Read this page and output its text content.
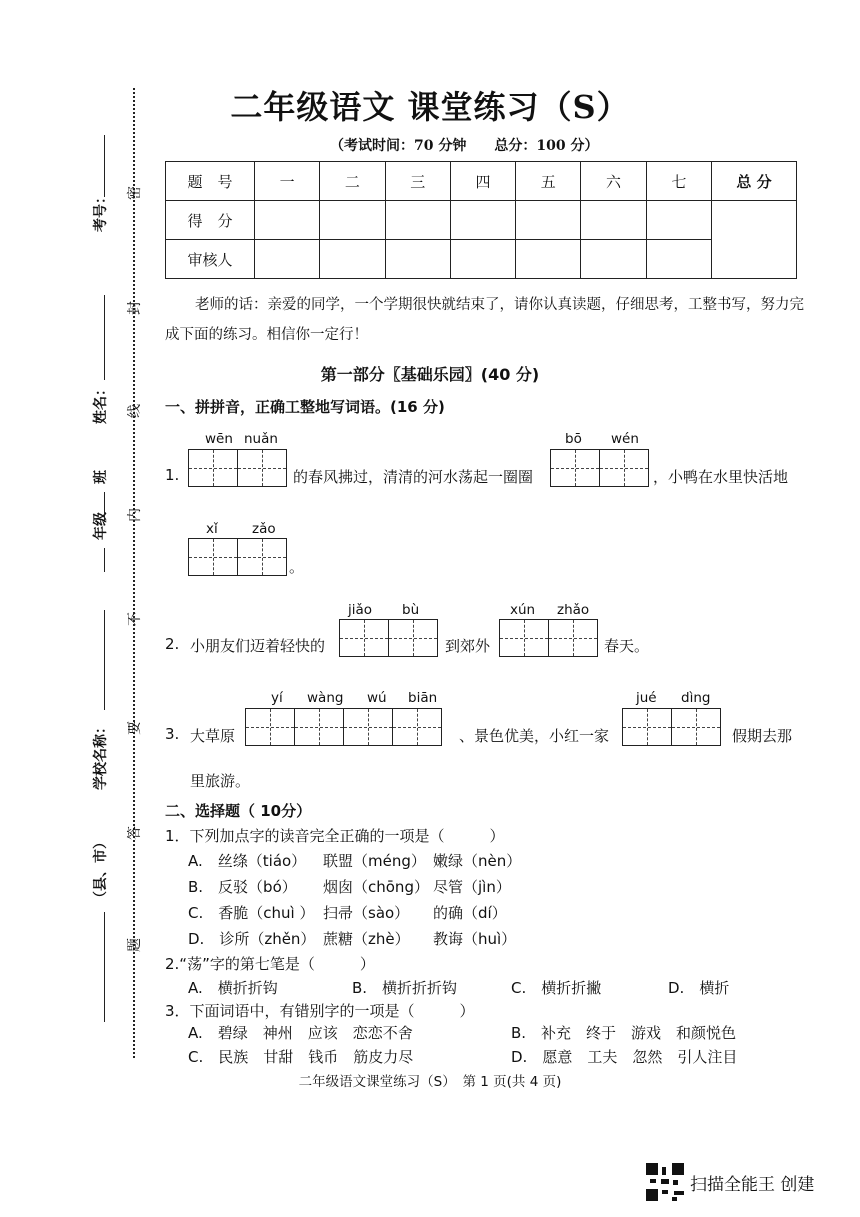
密
封
线
内
不
要
答
题
考号：
姓名：
年级
班
学校名称：
（县、市）
二年级语文 课堂练习（S）
（考试时间：70 分钟　　总分：100 分）
题　号	一	二	三	四	五	六	七	总 分
得　分								
审核人								
老师的话：亲爱的同学，一个学期很快就结束了，请你认真读题，仔细思考，工整书写，努力完成下面的练习。相信你一定行！
第一部分〖基础乐园〗(40 分)
一、拼拼音，正确工整地写词语。(16 分)
wēn nuǎn
1.	的春风拂过，清清的河水荡起一圈圈
bō wén
，小鸭在水里快活地
xǐ	zǎo
。
2. 小朋友们迈着轻快的
jiǎo bù
到郊外
xún zhǎo
春天。
3. 大草原
yí wàng wú biān
、景色优美，小红一家
jué dìng
假期去那
里旅游。
二、选择题（ 10分）
1．下列加点字的读音完全正确的一项是（　　　）
A.　丝绦（tiáo） 联盟（méng） 嫩绿（nèn）
B.　反驳（bó） 烟囱（chōng） 尽管（jìn）
C.　香脆（chuì ） 扫帚（sào） 的确（dí）
D.　诊所（zhěn） 蔗糖（zhè） 教诲（huì）
2.“荡”字的第七笔是（　　　）
A.　横折折钩	B.　横折折折钩	C.　横折折撇	D.　横折
3．下面词语中，有错别字的一项是（　　　）
A.　碧绿　神州　应该　恋恋不舍	B.　补充　终于　游戏　和颜悦色
C.　民族　甘甜　钱币　筋皮力尽	D.　愿意　工夫　忽然　引人注目
二年级语文课堂练习（S）　第 1 页(共 4 页)
扫描全能王 创建
